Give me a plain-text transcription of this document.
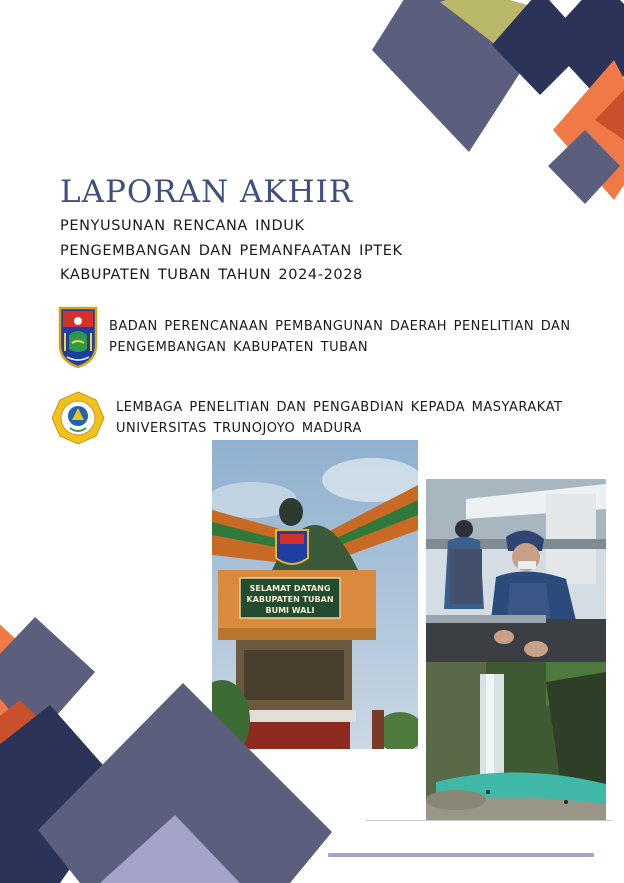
LAPORAN AKHIR
PENYUSUNAN RENCANA INDUK
PENGEMBANGAN DAN PEMANFAATAN IPTEK
KABUPATEN TUBAN TAHUN 2024-2028
BADAN PERENCANAAN PEMBANGUNAN DAERAH PENELITIAN DAN
PENGEMBANGAN KABUPATEN TUBAN
LEMBAGA PENELITIAN DAN PENGABDIAN KEPADA MASYARAKAT
UNIVERSITAS TRUNOJOYO MADURA
SELAMAT DATANG
KABUPATEN TUBAN
BUMI WALI
